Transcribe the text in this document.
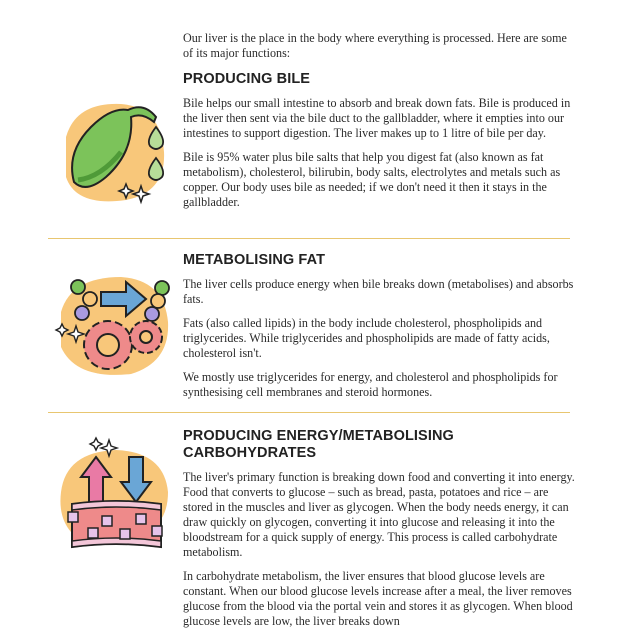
Our liver is the place in the body where everything is processed. Here are some of its major functions:

PRODUCING BILE

Bile helps our small intestine to absorb and break down fats. Bile is produced in the liver then sent via the bile duct to the gallbladder, where it empties into our intestines to support digestion. The liver makes up to 1 litre of bile per day.

Bile is 95% water plus bile salts that help you digest fat (also known as fat metabolism), cholesterol, bilirubin, body salts, electrolytes and metals such as copper. Our body uses bile as needed; if we don't need it then it stays in the gallbladder.

METABOLISING FAT

The liver cells produce energy when bile breaks down (metabolises) and absorbs fats.

Fats (also called lipids) in the body include cholesterol, phospholipids and triglycerides. While triglycerides and phospholipids are made of fatty acids, cholesterol isn't.

We mostly use triglycerides for energy, and cholesterol and phospholipids for synthesising cell membranes and steroid hormones.

PRODUCING ENERGY/METABOLISING CARBOHYDRATES

The liver's primary function is breaking down food and converting it into energy. Food that converts to glucose – such as bread, pasta, potatoes and rice – are stored in the muscles and liver as glycogen. When the body needs energy, it can draw quickly on glycogen, converting it into glucose and releasing it into the bloodstream for a quick supply of energy. This process is called carbohydrate metabolism.

In carbohydrate metabolism, the liver ensures that blood glucose levels are constant. When our blood glucose levels increase after a meal, the liver removes glucose from the blood via the portal vein and stores it as glycogen. When blood glucose levels are low, the liver breaks down
